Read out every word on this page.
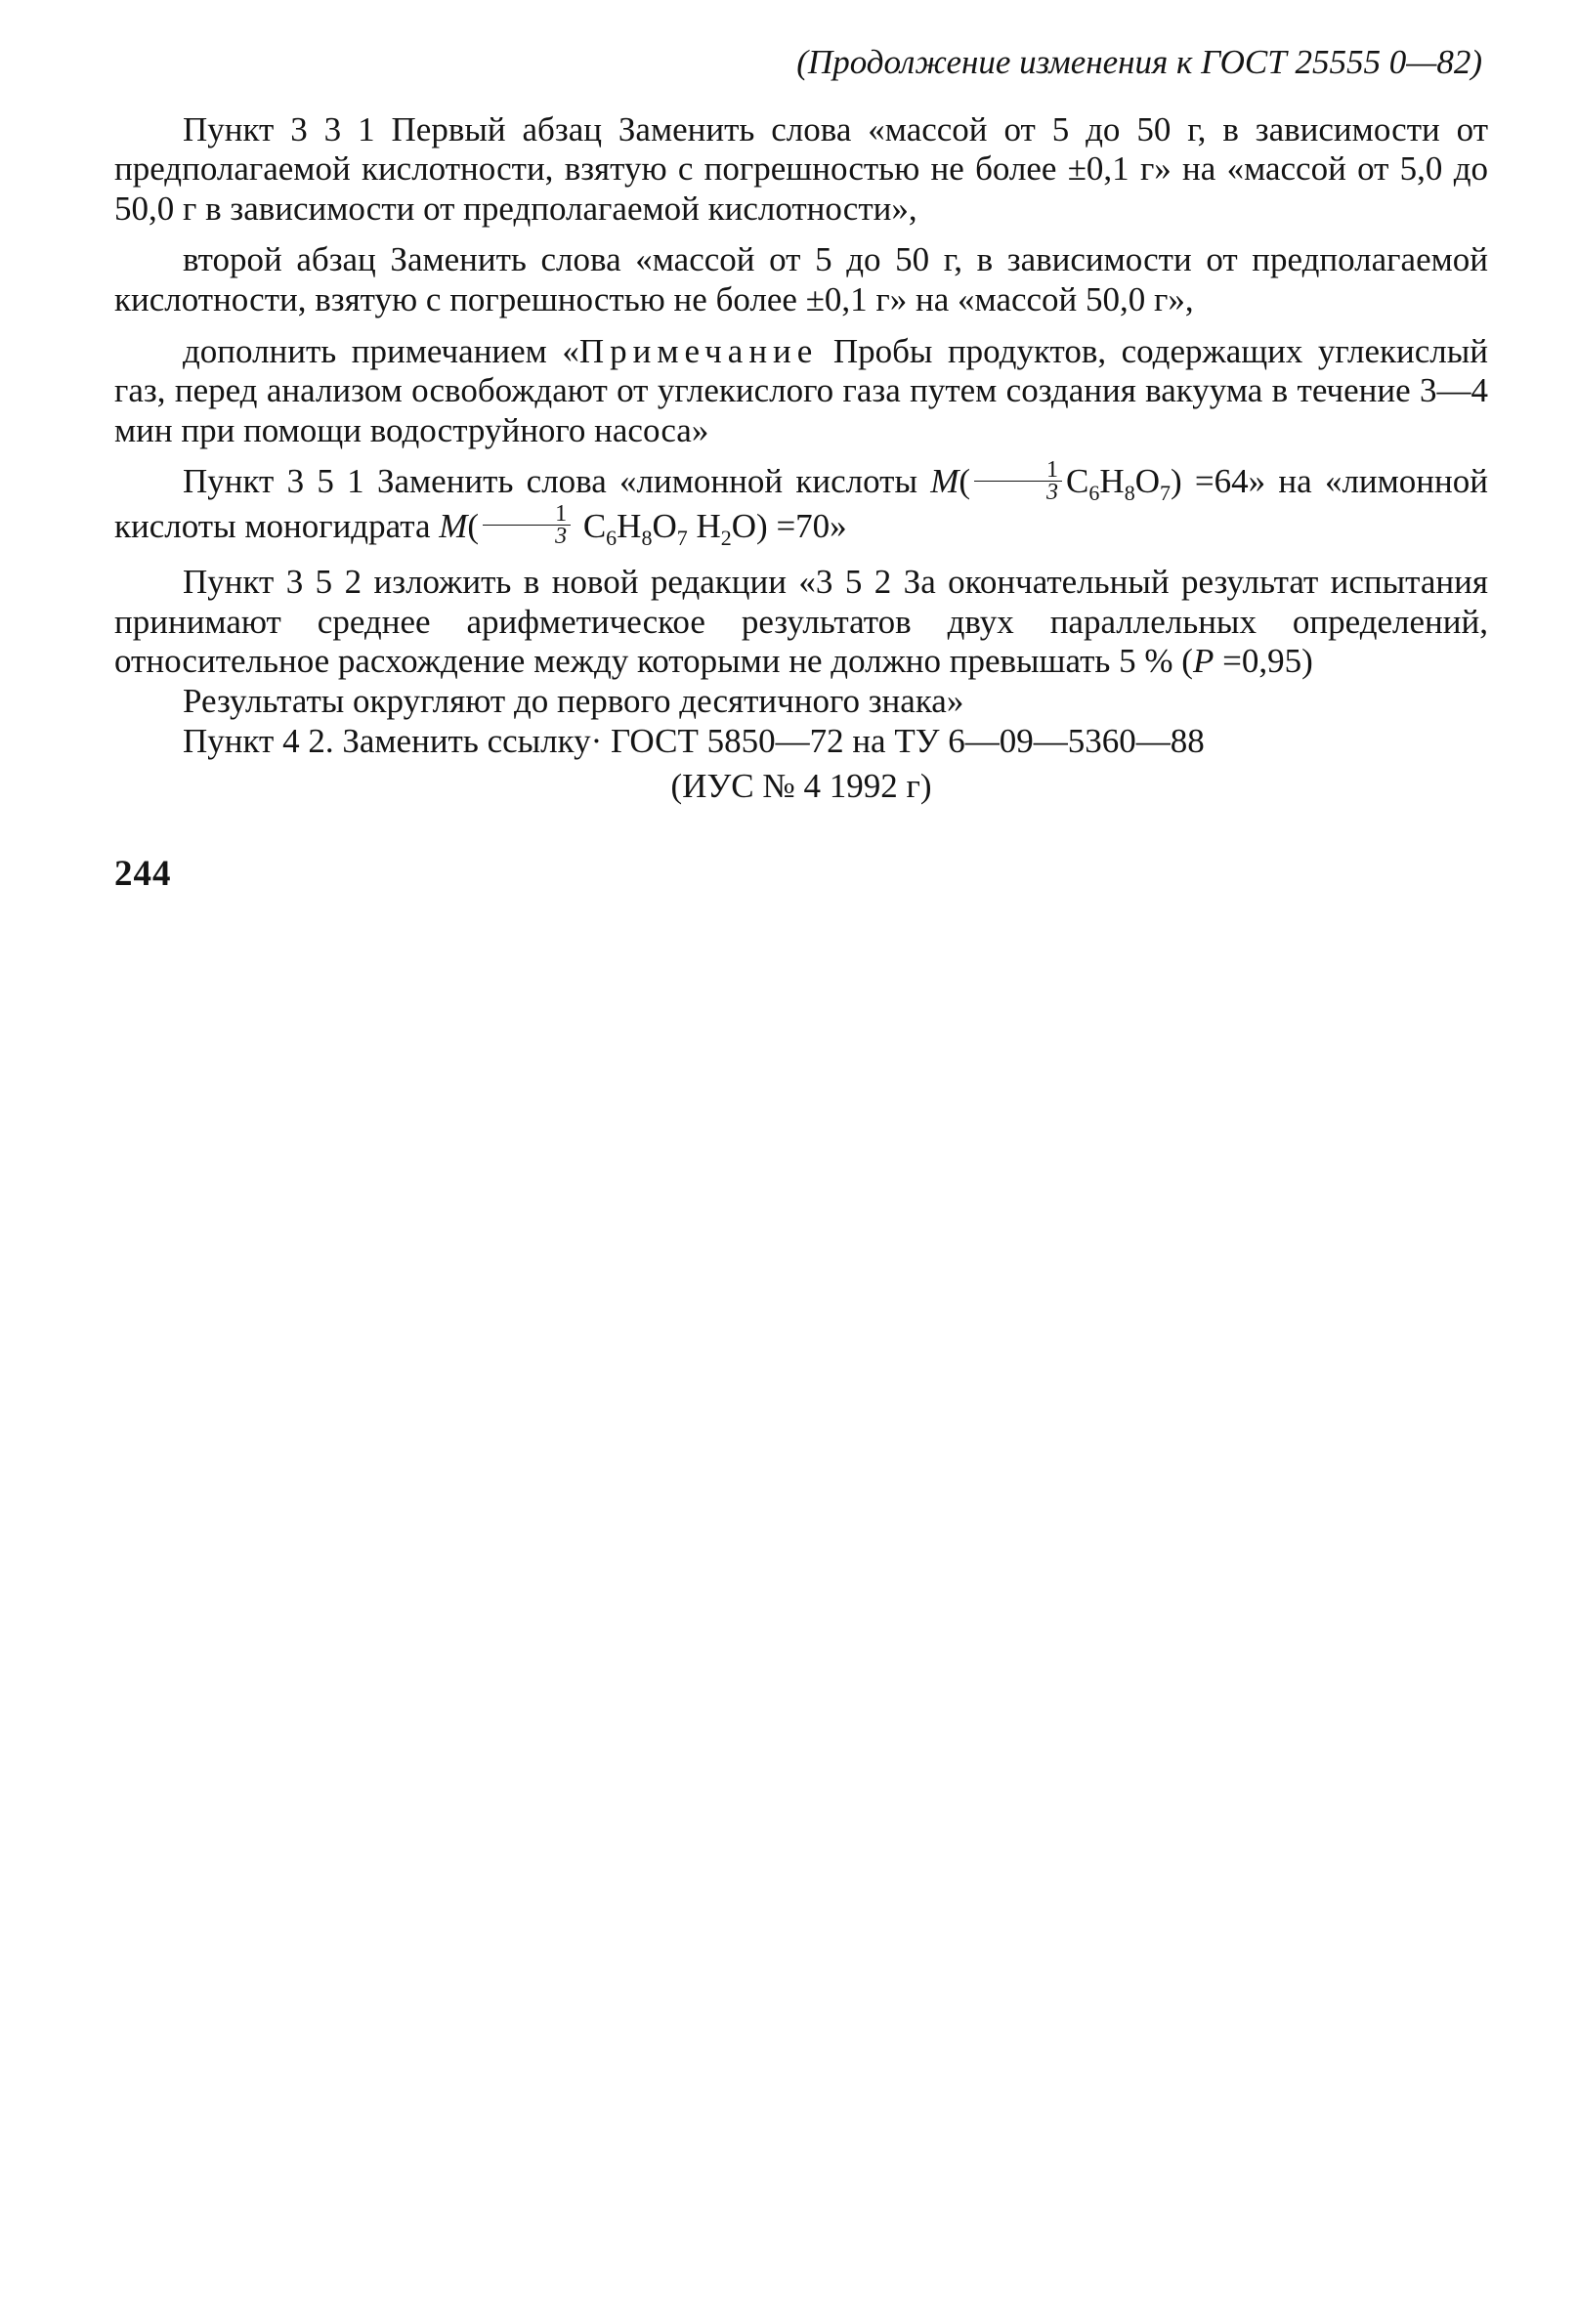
(Продолжение изменения к ГОСТ 25555 0—82)

Пункт 3 3 1 Первый абзац Заменить слова «массой от 5 до 50 г, в зависимости от предполагаемой кислотности, взятую с погрешностью не более ±0,1 г» на «массой от 5,0 до 50,0 г в зависимости от предполагаемой кислотности»,

второй абзац Заменить слова «массой от 5 до 50 г, в зависимости от предполагаемой кислотности, взятую с погрешностью не более ±0,1 г» на «массой 50,0 г»,

дополнить примечанием «Примечание Пробы продуктов, содержащих углекислый газ, перед анализом освобождают от углекислого газа путем создания вакуума в течение 3—4 мин при помощи водоструйного насоса»

Пункт 3 5 1 Заменить слова «лимонной кислоты $M( \frac{1}{3} C_6H_8O_7) =64$» на «лимонной кислоты моногидрата $M( \frac{1}{3} C_6H_8O_7$ $H_2O) =70$»

Пункт 3 5 2 изложить в новой редакции «3 5 2 За окончательный результат испытания принимают среднее арифметическое результатов двух параллельных определений, относительное расхождение между которыми не должно превышать 5 % (P =0,95)

Результаты округляют до первого десятичного знака»

Пункт 4 2. Заменить ссылку· ГОСТ 5850—72 на ТУ 6—09—5360—88

(ИУС № 4 1992 г)
244
